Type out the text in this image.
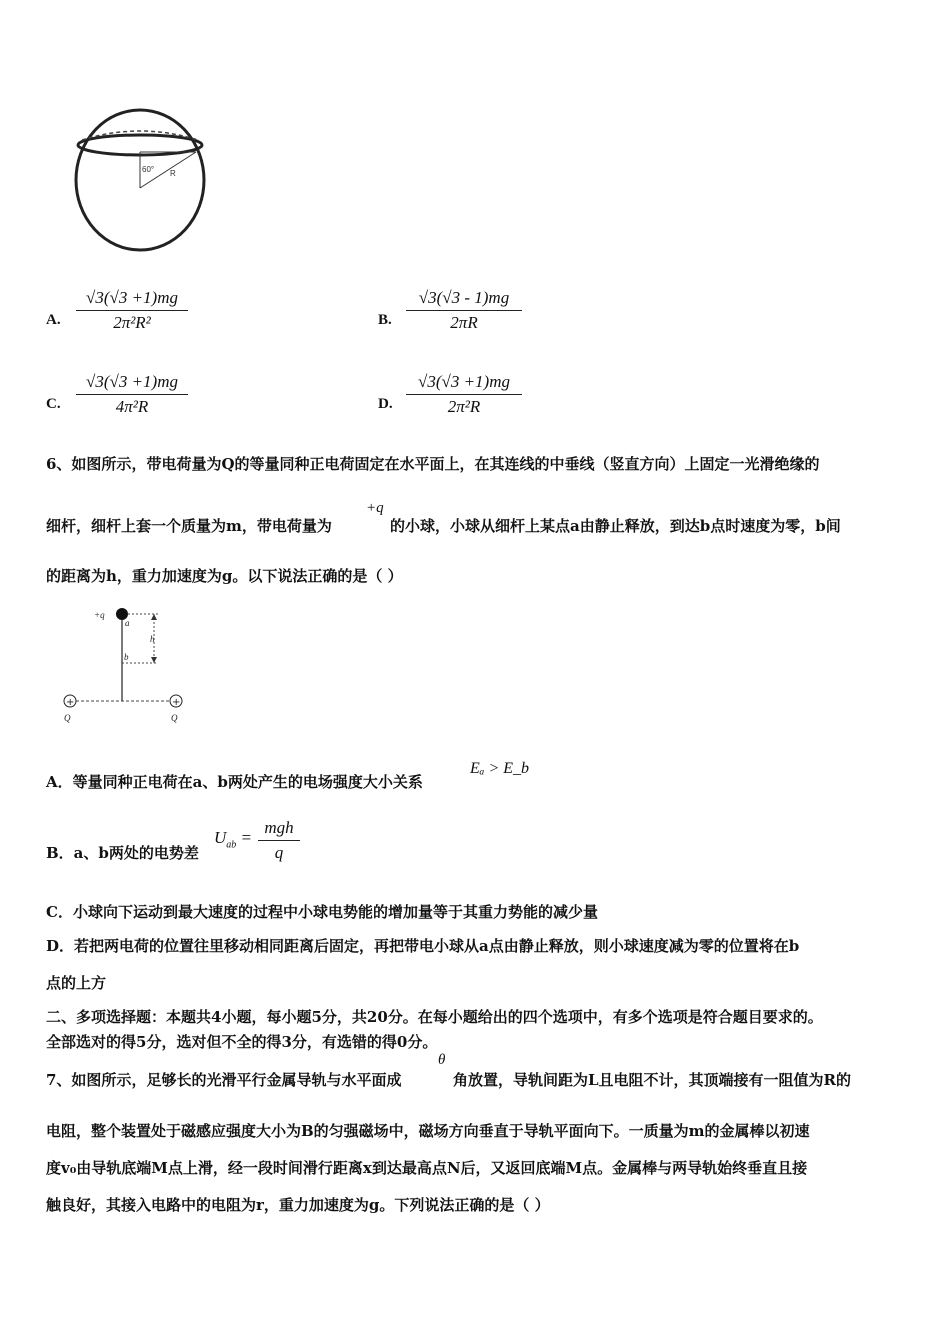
60° R
A.
√3(√3 +1)mg
2π²R²	B.
√3(√3 - 1)mg
2πR
C.
√3(√3 +1)mg
4π²R	D.
√3(√3 +1)mg
2π²R
6、如图所示，带电荷量为Q的等量同种正电荷固定在水平面上，在其连线的中垂线（竖直方向）上固定一光滑绝缘的
细杆，细杆上套一个质量为m，带电荷量为
+q
的小球，小球从细杆上某点a由静止释放，到达b点时速度为零，b间
的距离为h，重力加速度为g。以下说法正确的是（ ）
+q
a
b
h
+	+
Q	Q
A．等量同种正电荷在a、b两处产生的电场强度大小关系
Eₐ > E_b
B．a、b两处的电势差
$U_{ab}$ =
mgh
q
C．小球向下运动到最大速度的过程中小球电势能的增加量等于其重力势能的减少量
D．若把两电荷的位置往里移动相同距离后固定，再把带电小球从a点由静止释放，则小球速度减为零的位置将在b
点的上方
二、多项选择题：本题共4小题，每小题5分，共20分。在每小题给出的四个选项中，有多个选项是符合题目要求的。
全部选对的得5分，选对但不全的得3分，有选错的得0分。
7、如图所示，足够长的光滑平行金属导轨与水平面成
θ
角放置，导轨间距为L且电阻不计，其顶端接有一阻值为R的
电阻，整个装置处于磁感应强度大小为B的匀强磁场中，磁场方向垂直于导轨平面向下。一质量为m的金属棒以初速
度v₀由导轨底端M点上滑，经一段时间滑行距离x到达最高点N后，又返回底端M点。金属棒与两导轨始终垂直且接
触良好，其接入电路中的电阻为r，重力加速度为g。下列说法正确的是（ ）
